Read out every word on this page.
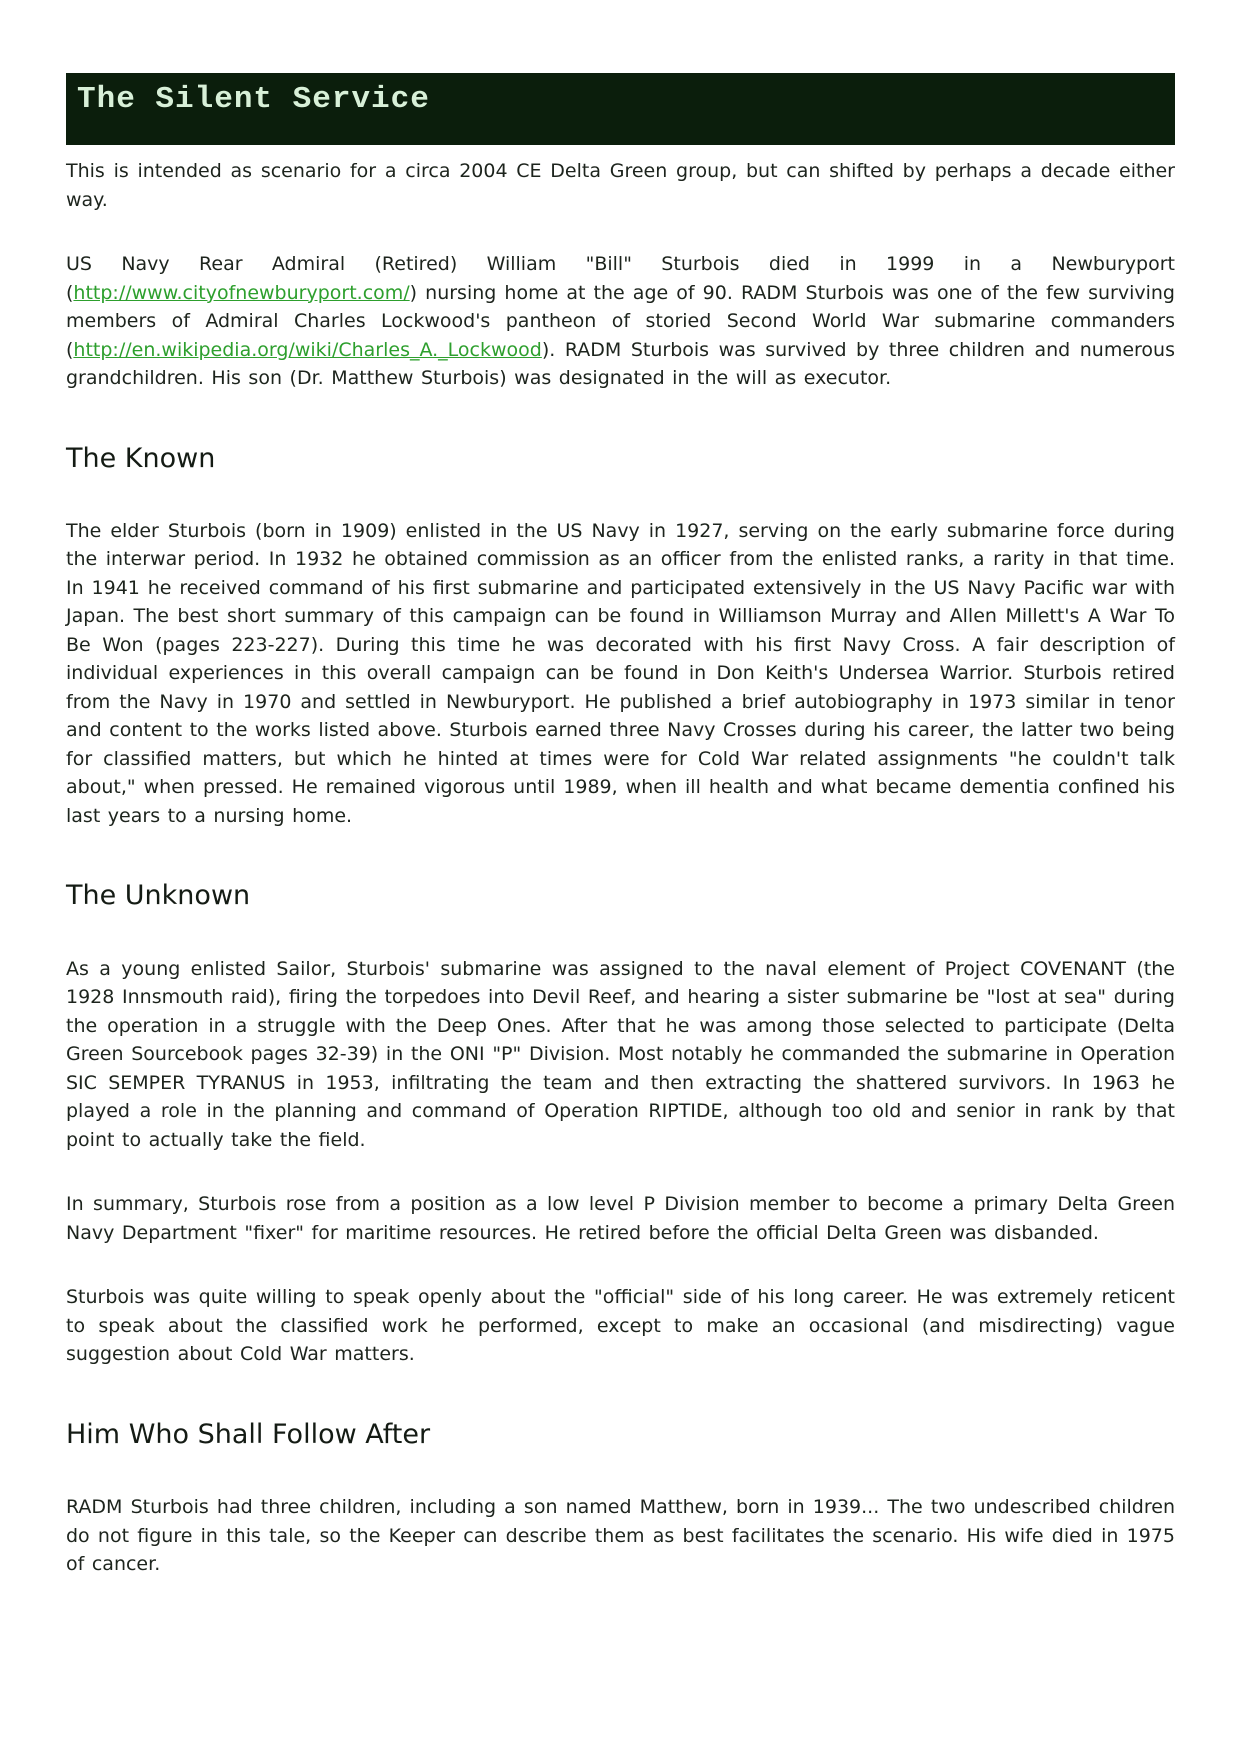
The Silent Service

This is intended as scenario for a circa 2004 CE Delta Green group, but can shifted by perhaps a decade either way.

US Navy Rear Admiral (Retired) William "Bill" Sturbois died in 1999 in a Newburyport (http://www.cityofnewburyport.com/) nursing home at the age of 90. RADM Sturbois was one of the few surviving members of Admiral Charles Lockwood's pantheon of storied Second World War submarine commanders (http://en.wikipedia.org/wiki/Charles_A._Lockwood). RADM Sturbois was survived by three children and numerous grandchildren. His son (Dr. Matthew Sturbois) was designated in the will as executor.

The Known

The elder Sturbois (born in 1909) enlisted in the US Navy in 1927, serving on the early submarine force during the interwar period. In 1932 he obtained commission as an officer from the enlisted ranks, a rarity in that time. In 1941 he received command of his first submarine and participated extensively in the US Navy Pacific war with Japan. The best short summary of this campaign can be found in Williamson Murray and Allen Millett's A War To Be Won (pages 223-227). During this time he was decorated with his first Navy Cross. A fair description of individual experiences in this overall campaign can be found in Don Keith's Undersea Warrior. Sturbois retired from the Navy in 1970 and settled in Newburyport. He published a brief autobiography in 1973 similar in tenor and content to the works listed above. Sturbois earned three Navy Crosses during his career, the latter two being for classified matters, but which he hinted at times were for Cold War related assignments "he couldn't talk about," when pressed. He remained vigorous until 1989, when ill health and what became dementia confined his last years to a nursing home.

The Unknown

As a young enlisted Sailor, Sturbois' submarine was assigned to the naval element of Project COVENANT (the 1928 Innsmouth raid), firing the torpedoes into Devil Reef, and hearing a sister submarine be "lost at sea" during the operation in a struggle with the Deep Ones. After that he was among those selected to participate (Delta Green Sourcebook pages 32-39) in the ONI "P" Division. Most notably he commanded the submarine in Operation SIC SEMPER TYRANUS in 1953, infiltrating the team and then extracting the shattered survivors. In 1963 he played a role in the planning and command of Operation RIPTIDE, although too old and senior in rank by that point to actually take the field.

In summary, Sturbois rose from a position as a low level P Division member to become a primary Delta Green Navy Department "fixer" for maritime resources. He retired before the official Delta Green was disbanded.

Sturbois was quite willing to speak openly about the "official" side of his long career. He was extremely reticent to speak about the classified work he performed, except to make an occasional (and misdirecting) vague suggestion about Cold War matters.

Him Who Shall Follow After

RADM Sturbois had three children, including a son named Matthew, born in 1939... The two undescribed children do not figure in this tale, so the Keeper can describe them as best facilitates the scenario. His wife died in 1975 of cancer.
